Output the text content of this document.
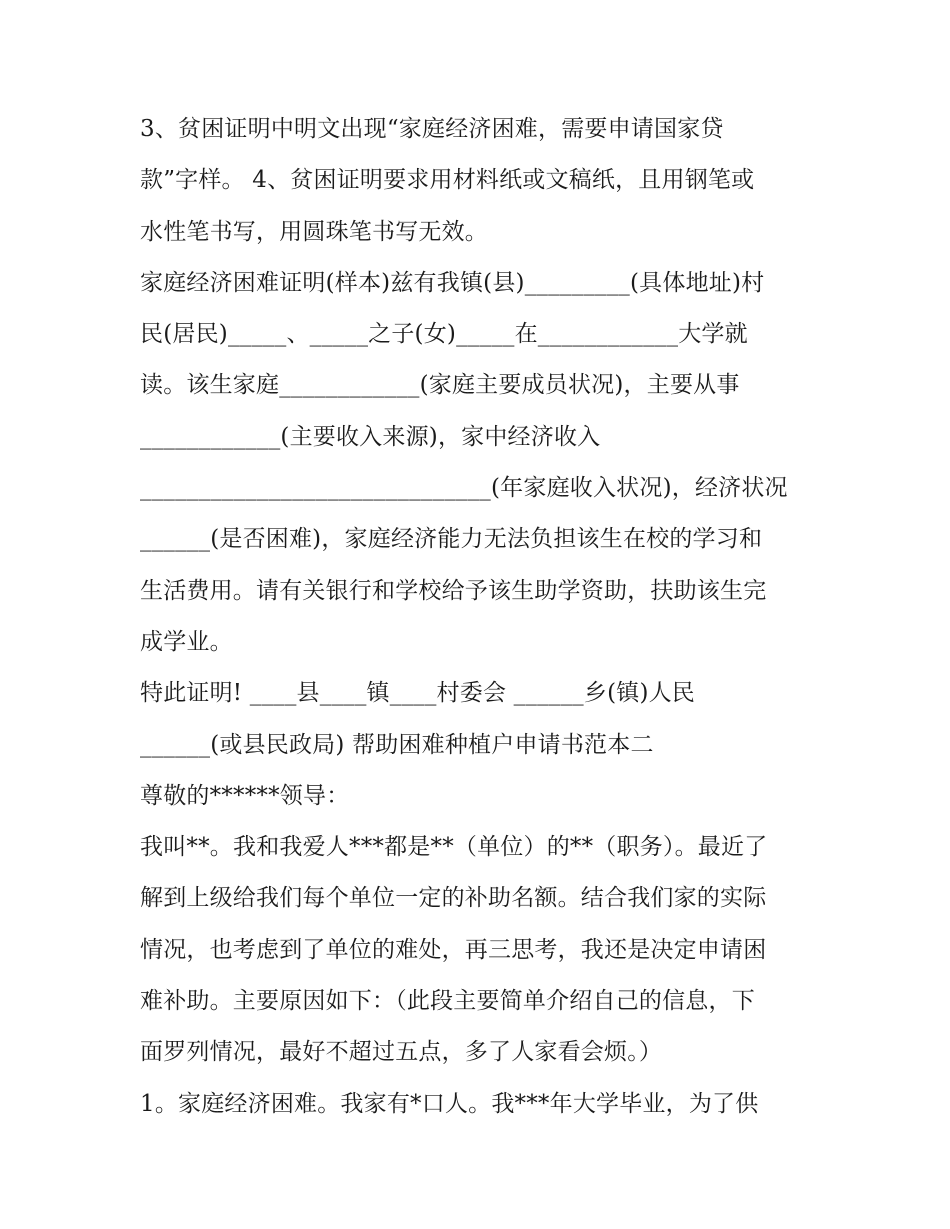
3、贫困证明中明文出现“家庭经济困难，需要申请国家贷
款”字样。 4、贫困证明要求用材料纸或文稿纸，且用钢笔或
水性笔书写，用圆珠笔书写无效。
家庭经济困难证明(样本)兹有我镇(县)_________(具体地址)村
民(居民)_____、_____之子(女)_____在____________大学就
读。该生家庭____________(家庭主要成员状况)，主要从事
____________(主要收入来源)，家中经济收入
______________________________(年家庭收入状况)，经济状况
______(是否困难)，家庭经济能力无法负担该生在校的学习和
生活费用。请有关银行和学校给予该生助学资助，扶助该生完
成学业。
特此证明! ____县____镇____村委会 ______乡(镇)人民
______(或县民政局) 帮助困难种植户申请书范本二
尊敬的******领导：
我叫**。我和我爱人***都是**（单位）的**（职务）。最近了
解到上级给我们每个单位一定的补助名额。结合我们家的实际
情况，也考虑到了单位的难处，再三思考，我还是决定申请困
难补助。主要原因如下：（此段主要简单介绍自己的信息，下
面罗列情况，最好不超过五点，多了人家看会烦。）
1。家庭经济困难。我家有*口人。我***年大学毕业，为了供
